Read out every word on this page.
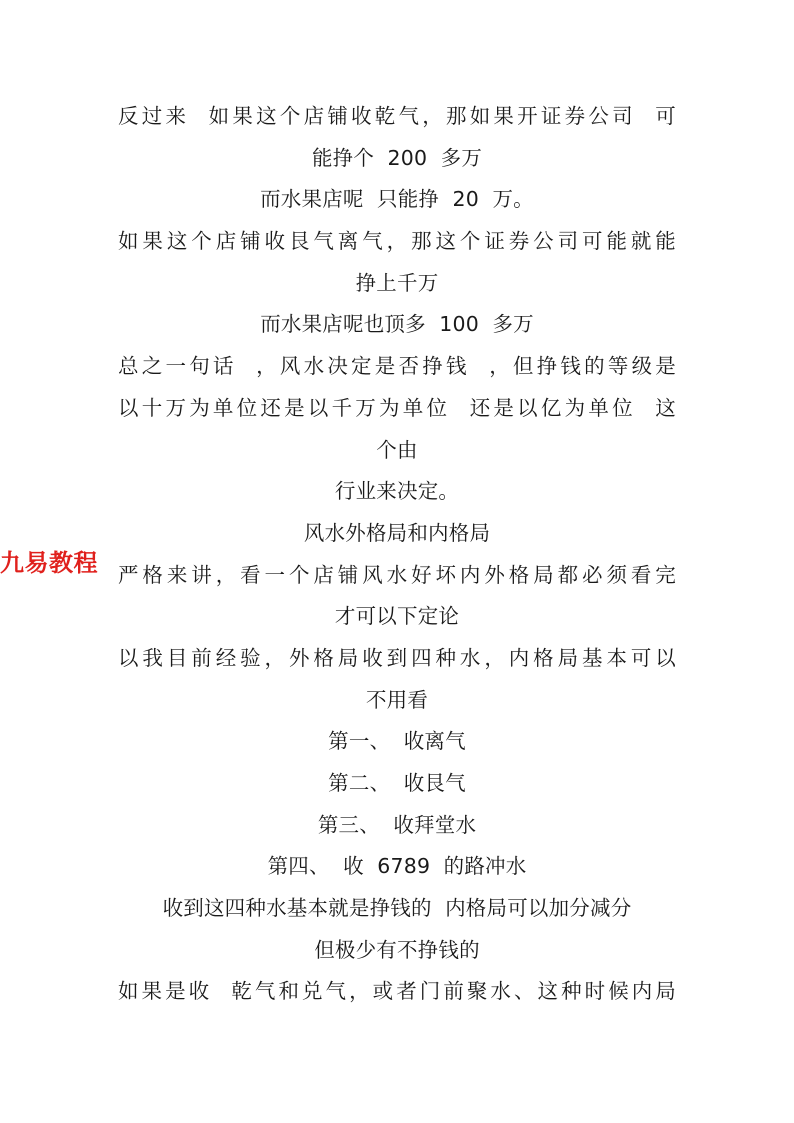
九易教程
反过来  如果这个店铺收乾气，那如果开证券公司  可
能挣个  200  多万
而水果店呢  只能挣  20  万。
如果这个店铺收艮气离气，那这个证券公司可能就能
挣上千万
而水果店呢也顶多  100  多万
总之一句话  ，风水决定是否挣钱  ，但挣钱的等级是
以十万为单位还是以千万为单位  还是以亿为单位  这
个由
行业来决定。
风水外格局和内格局
严格来讲，看一个店铺风水好坏内外格局都必须看完
才可以下定论
以我目前经验，外格局收到四种水，内格局基本可以
不用看
第一、  收离气
第二、  收艮气
第三、  收拜堂水
第四、  收  6789  的路冲水
收到这四种水基本就是挣钱的  内格局可以加分减分
但极少有不挣钱的
如果是收  乾气和兑气，或者门前聚水、这种时候内局
